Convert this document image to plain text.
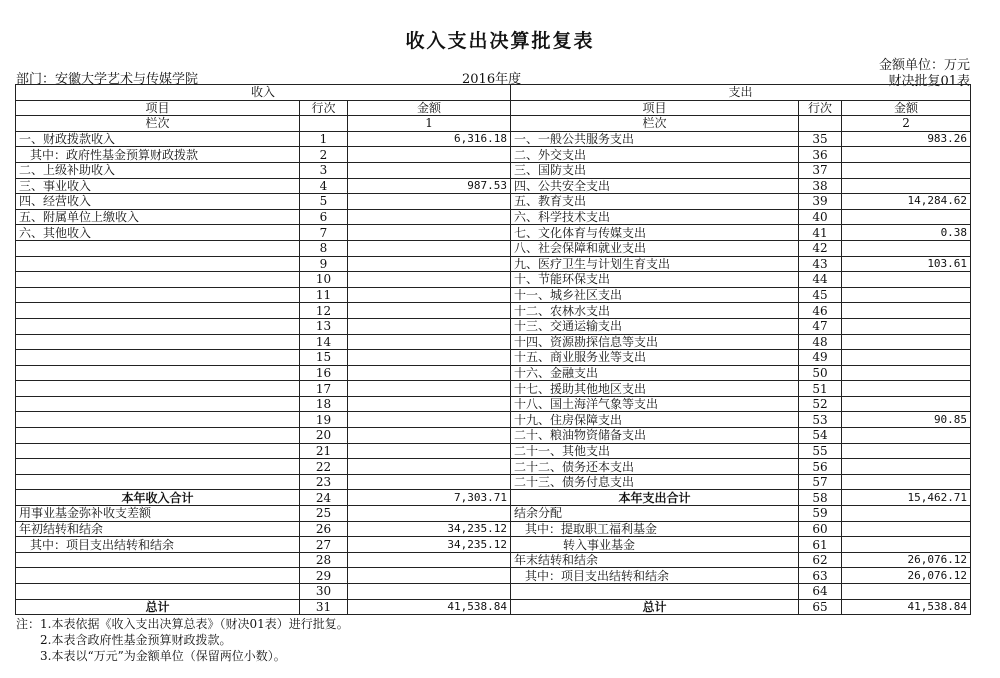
收入支出决算批复表
金额单位：万元
部门：安徽大学艺术与传媒学院	2016年度	财决批复01表
收入			支出		
项目	行次	金额	项目	行次	金额
栏次		1	栏次		2
一、财政拨款收入	1	6,316.18	一、一般公共服务支出	35	983.26
其中：政府性基金预算财政拨款	2		二、外交支出	36	
二、上级补助收入	3		三、国防支出	37	
三、事业收入	4	987.53	四、公共安全支出	38	
四、经营收入	5		五、教育支出	39	14,284.62
五、附属单位上缴收入	6		六、科学技术支出	40	
六、其他收入	7		七、文化体育与传媒支出	41	0.38
	8		八、社会保障和就业支出	42	
	9		九、医疗卫生与计划生育支出	43	103.61
	10		十、节能环保支出	44	
	11		十一、城乡社区支出	45	
	12		十二、农林水支出	46	
	13		十三、交通运输支出	47	
	14		十四、资源勘探信息等支出	48	
	15		十五、商业服务业等支出	49	
	16		十六、金融支出	50	
	17		十七、援助其他地区支出	51	
	18		十八、国土海洋气象等支出	52	
	19		十九、住房保障支出	53	90.85
	20		二十、粮油物资储备支出	54	
	21		二十一、其他支出	55	
	22		二十二、债务还本支出	56	
	23		二十三、债务付息支出	57	
本年收入合计	24	7,303.71	本年支出合计	58	15,462.71
用事业基金弥补收支差额	25		结余分配	59	
年初结转和结余	26	34,235.12	其中：提取职工福利基金	60	
其中：项目支出结转和结余	27	34,235.12	转入事业基金	61	
	28		年末结转和结余	62	26,076.12
	29		其中：项目支出结转和结余	63	26,076.12
	30			64	
总计	31	41,538.84	总计	65	41,538.84
注：1.本表依据《收入支出决算总表》（财决01表）进行批复。
2.本表含政府性基金预算财政拨款。
3.本表以“万元”为金额单位（保留两位小数）。
